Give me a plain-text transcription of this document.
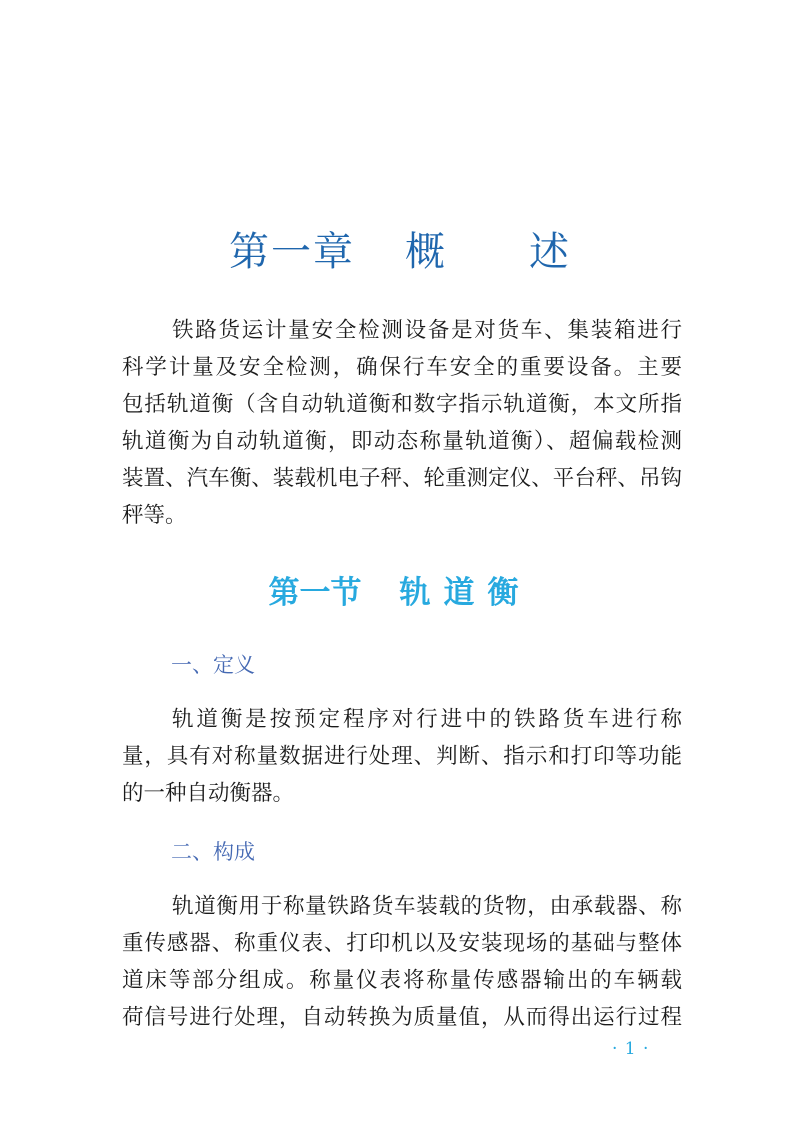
第一章 概 述
铁路货运计量安全检测设备是对货车、集装箱进行
科学计量及安全检测，确保行车安全的重要设备。主要
包括轨道衡（含自动轨道衡和数字指示轨道衡，本文所指
轨道衡为自动轨道衡，即动态称量轨道衡）、超偏载检测
装置、汽车衡、装载机电子秤、轮重测定仪、平台秤、吊钩
秤等。
第一节 轨道衡
一、定义
轨道衡是按预定程序对行进中的铁路货车进行称
量，具有对称量数据进行处理、判断、指示和打印等功能
的一种自动衡器。
二、构成
轨道衡用于称量铁路货车装载的货物，由承载器、称
重传感器、称重仪表、打印机以及安装现场的基础与整体
道床等部分组成。称量仪表将称量传感器输出的车辆载
荷信号进行处理，自动转换为质量值，从而得出运行过程
· 1 ·
